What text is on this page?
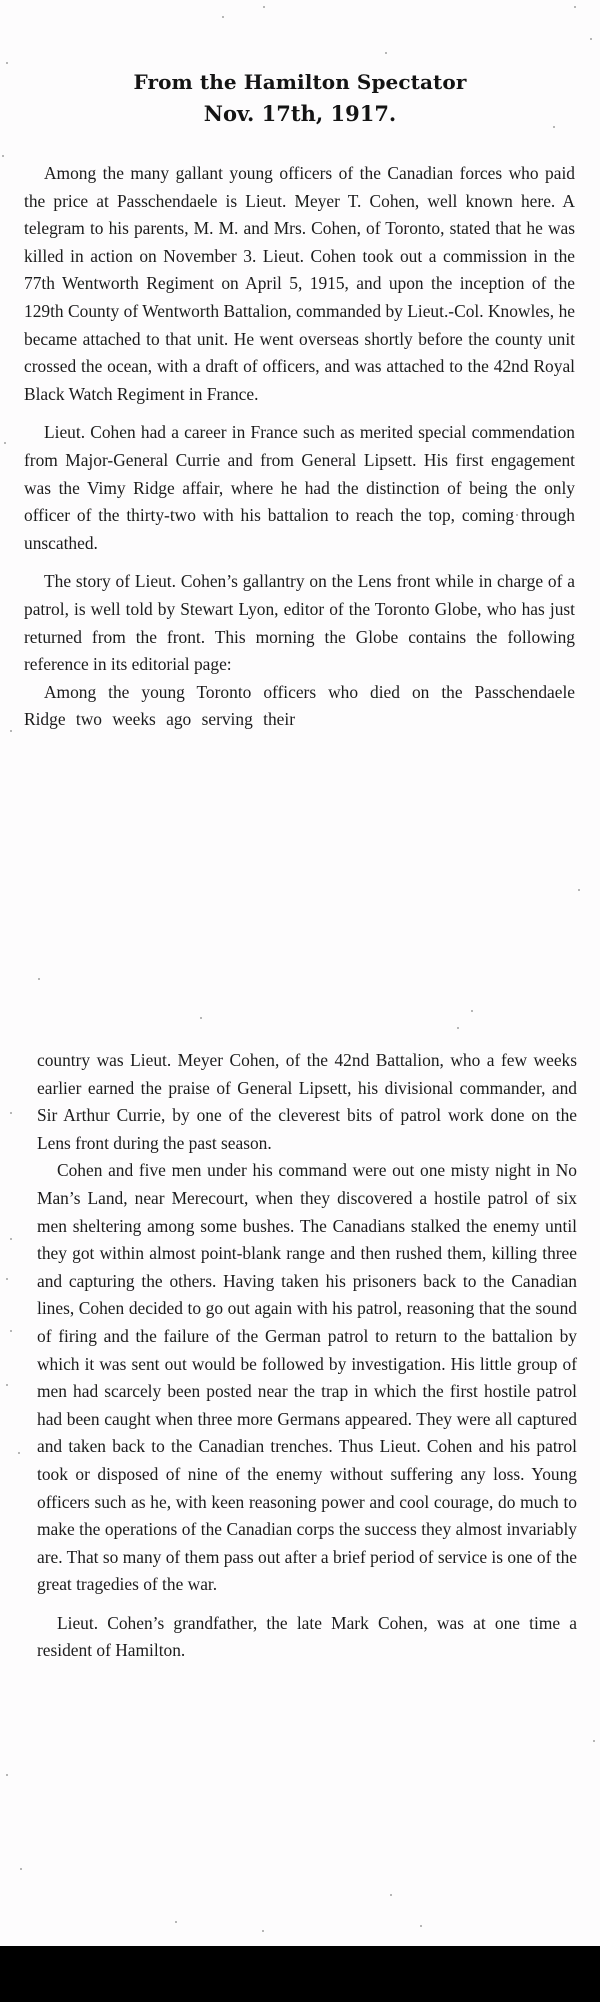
From the Hamilton Spectator
Nov. 17th, 1917.

Among the many gallant young officers of the Canadian forces who paid the price at Passchendaele is Lieut. Meyer T. Cohen, well known here. A telegram to his parents, M. M. and Mrs. Cohen, of Toronto, stated that he was killed in action on November 3. Lieut. Cohen took out a commission in the 77th Wentworth Regiment on April 5, 1915, and upon the inception of the 129th County of Wentworth Battalion, commanded by Lieut.-Col. Knowles, he became attached to that unit. He went overseas shortly before the county unit crossed the ocean, with a draft of officers, and was attached to the 42nd Royal Black Watch Regiment in France.

Lieut. Cohen had a career in France such as merited special commendation from Major-General Currie and from General Lipsett. His first engagement was the Vimy Ridge affair, where he had the distinction of being the only officer of the thirty-two with his battalion to reach the top, coming through unscathed.

The story of Lieut. Cohen’s gallantry on the Lens front while in charge of a patrol, is well told by Stewart Lyon, editor of the Toronto Globe, who has just returned from the front. This morning the Globe contains the following reference in its editorial page:

Among the young Toronto officers who died on the Passchendaele Ridge two weeks ago serving their

country was Lieut. Meyer Cohen, of the 42nd Battalion, who a few weeks earlier earned the praise of General Lipsett, his divisional commander, and Sir Arthur Currie, by one of the cleverest bits of patrol work done on the Lens front during the past season.

Cohen and five men under his command were out one misty night in No Man’s Land, near Merecourt, when they discovered a hostile patrol of six men sheltering among some bushes. The Canadians stalked the enemy until they got within almost point-blank range and then rushed them, killing three and capturing the others. Having taken his prisoners back to the Canadian lines, Cohen decided to go out again with his patrol, reasoning that the sound of firing and the failure of the German patrol to return to the battalion by which it was sent out would be followed by investigation. His little group of men had scarcely been posted near the trap in which the first hostile patrol had been caught when three more Germans appeared. They were all captured and taken back to the Canadian trenches. Thus Lieut. Cohen and his patrol took or disposed of nine of the enemy without suffering any loss. Young officers such as he, with keen reasoning power and cool courage, do much to make the operations of the Canadian corps the success they almost invariably are. That so many of them pass out after a brief period of service is one of the great tragedies of the war.

Lieut. Cohen’s grandfather, the late Mark Cohen, was at one time a resident of Hamilton.
